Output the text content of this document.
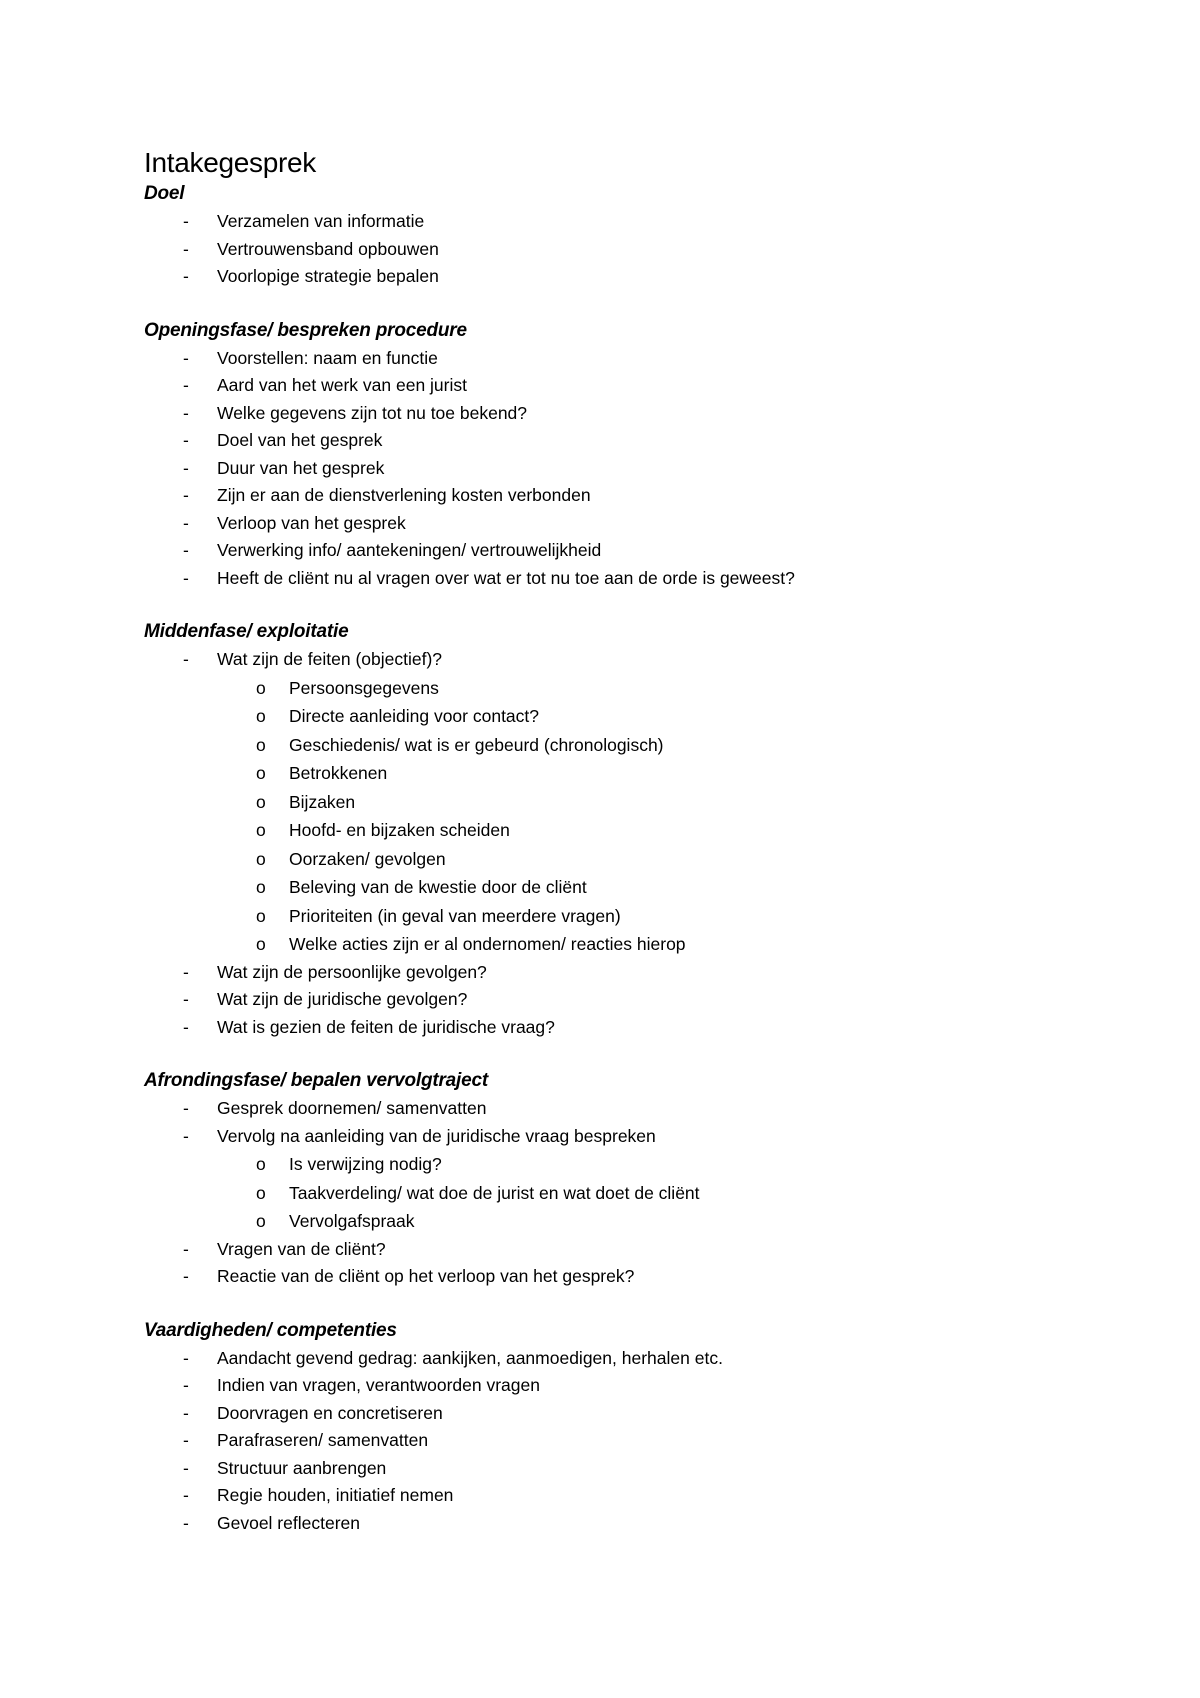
Intakegesprek
Doel
- Verzamelen van informatie
- Vertrouwensband opbouwen
- Voorlopige strategie bepalen
Openingsfase/ bespreken procedure
- Voorstellen: naam en functie
- Aard van het werk van een jurist
- Welke gegevens zijn tot nu toe bekend?
- Doel van het gesprek
- Duur van het gesprek
- Zijn er aan de dienstverlening kosten verbonden
- Verloop van het gesprek
- Verwerking info/ aantekeningen/ vertrouwelijkheid
- Heeft de cliënt nu al vragen over wat er tot nu toe aan de orde is geweest?
Middenfase/ exploitatie
- Wat zijn de feiten (objectief)?
o Persoonsgegevens
o Directe aanleiding voor contact?
o Geschiedenis/ wat is er gebeurd (chronologisch)
o Betrokkenen
o Bijzaken
o Hoofd- en bijzaken scheiden
o Oorzaken/ gevolgen
o Beleving van de kwestie door de cliënt
o Prioriteiten (in geval van meerdere vragen)
o Welke acties zijn er al ondernomen/ reacties hierop
- Wat zijn de persoonlijke gevolgen?
- Wat zijn de juridische gevolgen?
- Wat is gezien de feiten de juridische vraag?
Afrondingsfase/ bepalen vervolgtraject
- Gesprek doornemen/ samenvatten
- Vervolg na aanleiding van de juridische vraag bespreken
o Is verwijzing nodig?
o Taakverdeling/ wat doe de jurist en wat doet de cliënt
o Vervolgafspraak
- Vragen van de cliënt?
- Reactie van de cliënt op het verloop van het gesprek?
Vaardigheden/ competenties
- Aandacht gevend gedrag: aankijken, aanmoedigen, herhalen etc.
- Indien van vragen, verantwoorden vragen
- Doorvragen en concretiseren
- Parafraseren/ samenvatten
- Structuur aanbrengen
- Regie houden, initiatief nemen
- Gevoel reflecteren
